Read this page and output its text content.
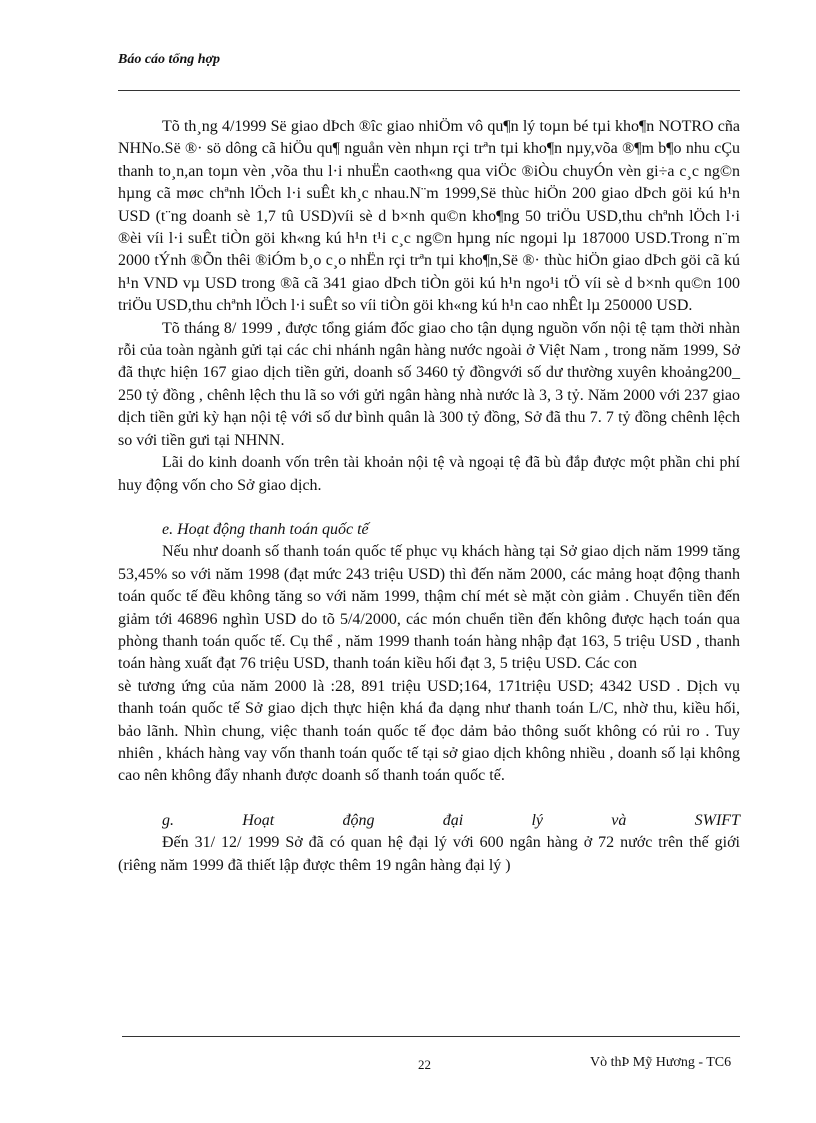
Báo cáo tổng hợp

Tõ th¸ng 4/1999 Së giao dÞch ®îc giao nhiÖm vô qu¶n lý toµn bé tµi kho¶n NOTRO cña NHNo.Së ®· sö dông cã hiÖu qu¶ nguån vèn nhµn rçi trªn tµi kho¶n nµy,võa ®¶m b¶o nhu cÇu thanh to¸n,an toµn vèn ,võa thu l·i nhuËn caoth«ng qua viÖc ®iÒu chuyÓn vèn gi÷a c¸c ng©n hµng cã møc chªnh lÖch l·i suÊt kh¸c nhau.N¨m 1999,Së thùc hiÖn 200 giao dÞch göi kú h¹n USD (t¨ng doanh sè 1,7 tû USD)víi sè d b×nh qu©n kho¶ng 50 triÖu USD,thu chªnh lÖch l·i ®èi víi l·i suÊt tiÒn göi kh«ng kú h¹n t¹i c¸c ng©n hµng níc ngoµi lµ 187000 USD.Trong n¨m 2000 tÝnh ®Õn thêi ®iÓm b¸o c¸o nhËn rçi trªn tµi kho¶n,Së ®· thùc hiÖn giao dÞch göi cã kú h¹n VND vµ USD trong ®ã cã 341 giao dÞch tiÒn göi kú h¹n ngo¹i tÖ víi sè d b×nh qu©n 100 triÖu USD,thu chªnh lÖch l·i suÊt so víi tiÒn göi kh«ng kú h¹n cao nhÊt lµ 250000 USD.

Tõ tháng 8/ 1999 , được tổng giám đốc giao cho tận dụng nguồn vốn nội tệ tạm thời nhàn rỗi của toàn ngành gửi tại các chi nhánh ngân hàng nước ngoài ở Việt Nam , trong năm 1999, Sở đã thực hiện 167 giao dịch tiền gửi, doanh số 3460 tỷ đồngvới số dư thường xuyên khoảng200_ 250 tỷ đồng , chênh lệch thu lã so với gửi ngân hàng nhà nước là 3, 3 tỷ. Năm 2000 với 237 giao dịch tiền gửi kỳ hạn nội tệ với số dư bình quân là 300 tỷ đồng, Sở đã thu 7. 7 tỷ đồng chênh lệch so với tiền gưi tại NHNN.

Lãi do kinh doanh vốn trên tài khoản nội tệ và ngoại tệ đã bù đắp được một phần chi phí huy động vốn cho Sở giao dịch.

e. Hoạt động thanh toán quốc tế

Nếu như doanh số thanh toán quốc tế phục vụ khách hàng tại Sở giao dịch năm 1999 tăng 53,45% so với năm 1998 (đạt mức 243 triệu USD) thì đến năm 2000, các mảng hoạt động thanh toán quốc tế đều không tăng so với năm 1999, thậm chí mét sè mặt còn giảm . Chuyển tiền đến giảm tới 46896 nghìn USD do tõ 5/4/2000, các món chuển tiền đến không được hạch toán qua phòng thanh toán quốc tế. Cụ thể , năm 1999 thanh toán hàng nhập đạt 163, 5 triệu USD , thanh toán hàng xuất đạt 76 triệu USD, thanh toán kiều hối đạt 3, 5 triệu USD. Các con

sè tương ứng của năm 2000 là :28, 891 triệu USD;164, 171triệu USD; 4342 USD . Dịch vụ thanh toán quốc tế Sở giao dịch thực hiện khá đa dạng như thanh toán L/C, nhờ thu, kiều hối, bảo lãnh. Nhìn chung, việc thanh toán quốc tế đọc dảm bảo thông suốt không có rủi ro . Tuy nhiên , khách hàng vay vốn thanh toán quốc tế tại sở giao dịch không nhiều , doanh số lại không cao nên không đẩy nhanh được doanh số thanh toán quốc tế.

g.	Hoạt	động	đại	lý	và	SWIFT

Đến 31/ 12/ 1999 Sở đã có quan hệ đại lý với 600 ngân hàng ở 72 nước trên thế giới (riêng năm 1999 đã thiết lập được thêm 19 ngân hàng đại lý )

22	Vò thÞ Mỹ Hương - TC6
